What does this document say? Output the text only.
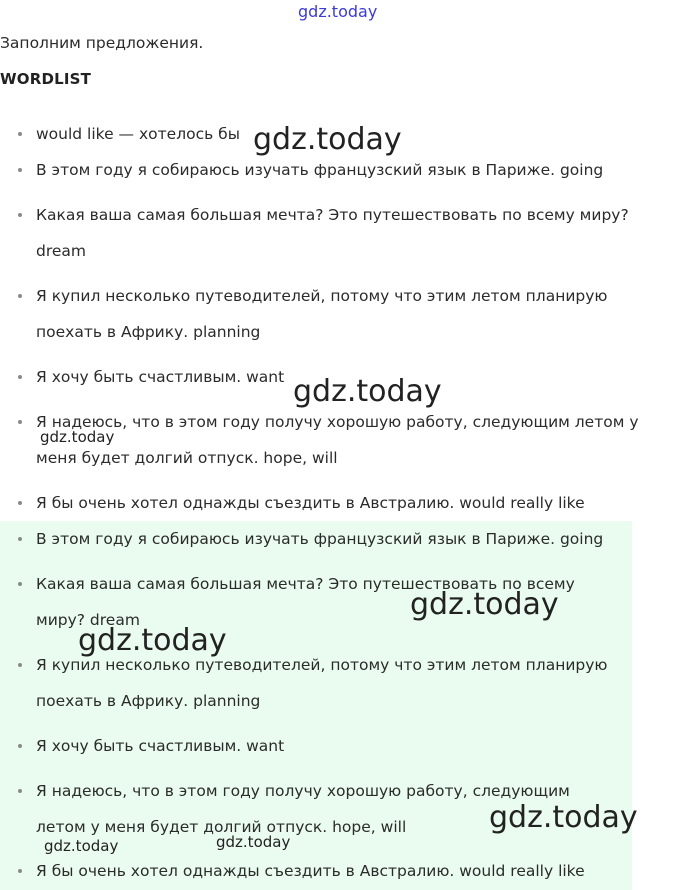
gdz.today
Заполним предложения.
WORDLIST
would like — хотелось бы
В этом году я собираюсь изучать французский язык в Париже. going
Какая ваша самая большая мечта? Это путешествовать по всему миру?
dream
Я купил несколько путеводителей, потому что этим летом планирую
поехать в Африку. planning
Я хочу быть счастливым. want
Я надеюсь, что в этом году получу хорошую работу, следующим летом у
меня будет долгий отпуск. hope, will
Я бы очень хотел однажды съездить в Австралию. would really like
В этом году я собираюсь изучать французский язык в Париже. going
Какая ваша самая большая мечта? Это путешествовать по всему
миру? dream
Я купил несколько путеводителей, потому что этим летом планирую
поехать в Африку. planning
Я хочу быть счастливым. want
Я надеюсь, что в этом году получу хорошую работу, следующим
летом у меня будет долгий отпуск. hope, will
Я бы очень хотел однажды съездить в Австралию. would really like
gdz.today
gdz.today
gdz.today
gdz.today
gdz.today
gdz.today
gdz.today	gdz.today
